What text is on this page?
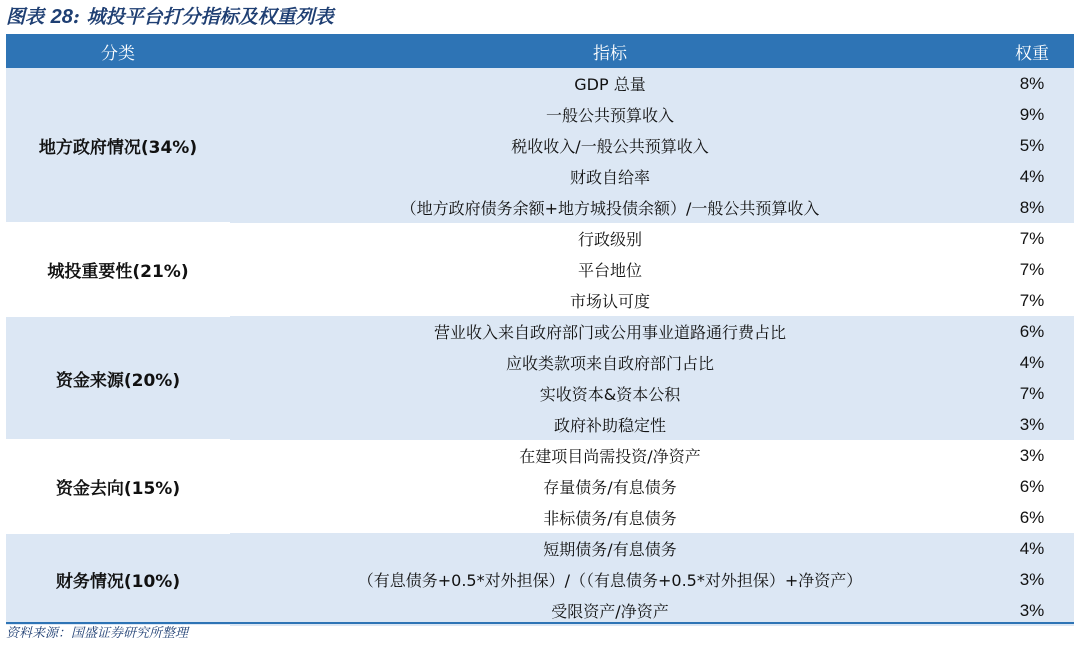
图表 28: 城投平台打分指标及权重列表
分类	指标	权重
地方政府情况(34%)	GDP 总量	8%
	一般公共预算收入	9%
	税收收入/一般公共预算收入	5%
	财政自给率	4%
	（地方政府债务余额+地方城投债余额）/一般公共预算收入	8%
城投重要性(21%)	行政级别	7%
	平台地位	7%
	市场认可度	7%
资金来源(20%)	营业收入来自政府部门或公用事业道路通行费占比	6%
	应收类款项来自政府部门占比	4%
	实收资本&资本公积	7%
	政府补助稳定性	3%
资金去向(15%)	在建项目尚需投资/净资产	3%
	存量债务/有息债务	6%
	非标债务/有息债务	6%
财务情况(10%)	短期债务/有息债务	4%
	（有息债务+0.5*对外担保）/（（有息债务+0.5*对外担保）+净资产）	3%
	受限资产/净资产	3%
资料来源：国盛证券研究所整理
